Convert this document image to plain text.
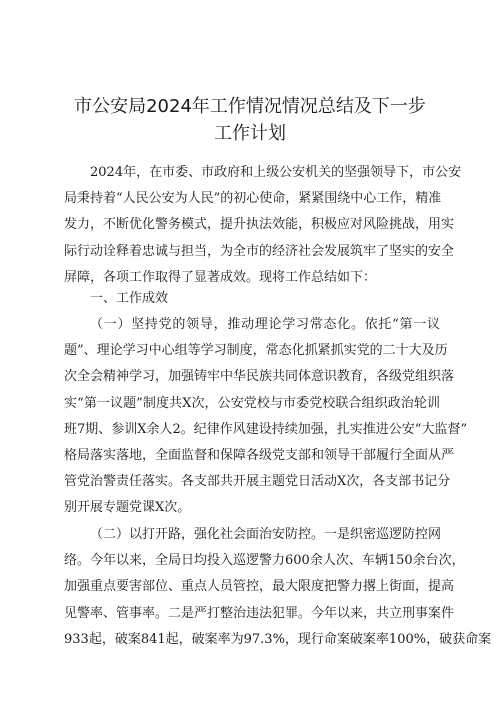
市公安局2024年工作情况情况总结及下一步
工作计划
2024年，在市委、市政府和上级公安机关的坚强领导下，市公安
局秉持着“人民公安为人民”的初心使命，紧紧围绕中心工作，精准
发力，不断优化警务模式，提升执法效能，积极应对风险挑战，用实
际行动诠释着忠诚与担当，为全市的经济社会发展筑牢了坚实的安全
屏障，各项工作取得了显著成效。现将工作总结如下：
一、工作成效
（一）坚持党的领导，推动理论学习常态化。依托“第一议
题”、理论学习中心组等学习制度，常态化抓紧抓实党的二十大及历
次全会精神学习，加强铸牢中华民族共同体意识教育，各级党组织落
实“第一议题”制度共X次，公安党校与市委党校联合组织政治轮训
班7期、参训X余人2。纪律作风建设持续加强，扎实推进公安“大监督”
格局落实落地，全面监督和保障各级党支部和领导干部履行全面从严
管党治警责任落实。各支部共开展主题党日活动X次，各支部书记分
别开展专题党课X次。
（二）以打开路，强化社会面治安防控。一是织密巡逻防控网
络。今年以来，全局日均投入巡逻警力600余人次、车辆150余台次，
加强重点要害部位、重点人员管控，最大限度把警力撂上街面，提高
见警率、管事率。二是严打整治违法犯罪。今年以来，共立刑事案件
933起，破案841起，破案率为97.3%，现行命案破案率100%，破获命案
